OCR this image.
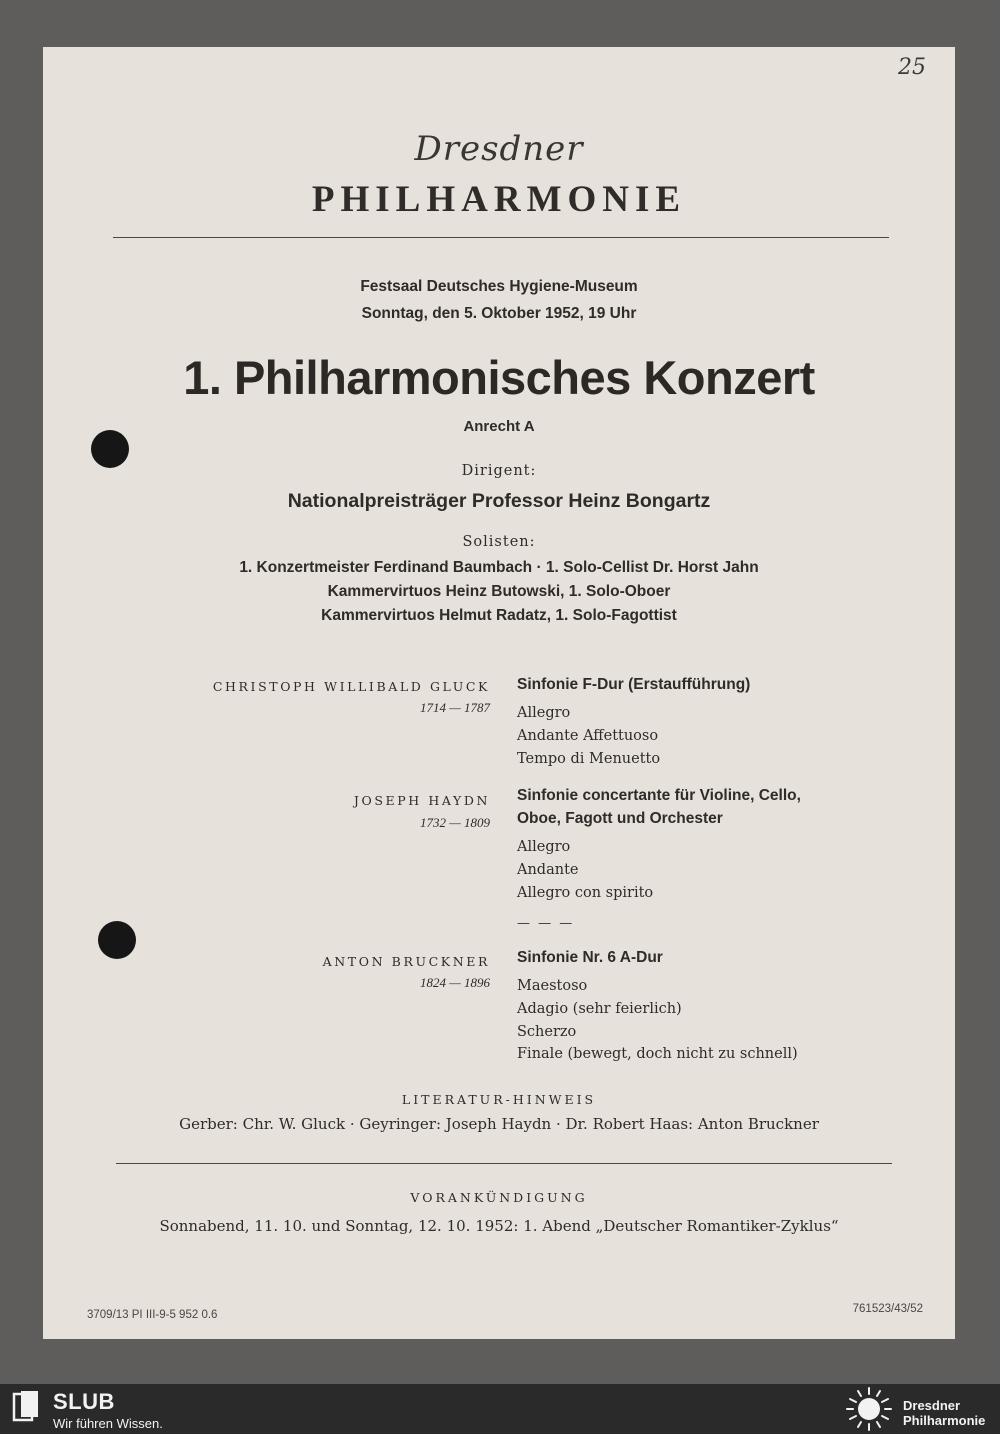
25
Dresdner
PHILHARMONIE
Festsaal Deutsches Hygiene-Museum
Sonntag, den 5. Oktober 1952, 19 Uhr
1. Philharmonisches Konzert
Anrecht A
Dirigent:
Nationalpreisträger Professor Heinz Bongartz
Solisten:
1. Konzertmeister Ferdinand Baumbach · 1. Solo-Cellist Dr. Horst Jahn
Kammervirtuos Heinz Butowski, 1. Solo-Oboer
Kammervirtuos Helmut Radatz, 1. Solo-Fagottist
CHRISTOPH WILLIBALD GLUCK
1714 — 1787
Sinfonie F-Dur (Erstaufführung)
Allegro
Andante Affettuoso
Tempo di Menuetto
JOSEPH HAYDN
1732 — 1809
Sinfonie concertante für Violine, Cello,
Oboe, Fagott und Orchester
Allegro
Andante
Allegro con spirito
— — —
ANTON BRUCKNER
1824 — 1896
Sinfonie Nr. 6 A-Dur
Maestoso
Adagio (sehr feierlich)
Scherzo
Finale (bewegt, doch nicht zu schnell)
LITERATUR-HINWEIS
Gerber: Chr. W. Gluck · Geyringer: Joseph Haydn · Dr. Robert Haas: Anton Bruckner
VORANKÜNDIGUNG
Sonnabend, 11. 10. und Sonntag, 12. 10. 1952: 1. Abend „Deutscher Romantiker-Zyklus“
3709/13 PI III-9-5 952 0.6	761523/43/52
SLUB
Wir führen Wissen.
Dresdner
Philharmonie
